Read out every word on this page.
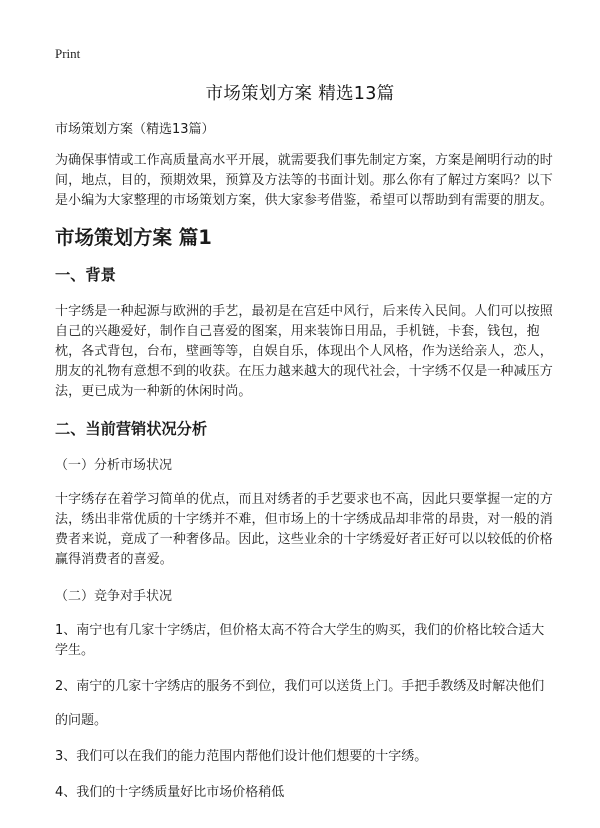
Print
市场策划方案 精选13篇

市场策划方案（精选13篇）

为确保事情或工作高质量高水平开展，就需要我们事先制定方案，方案是阐明行动的时间，地点，目的，预期效果，预算及方法等的书面计划。那么你有了解过方案吗？以下是小编为大家整理的市场策划方案，供大家参考借鉴，希望可以帮助到有需要的朋友。

市场策划方案 篇1
一、背景

十字绣是一种起源与欧洲的手艺，最初是在宫廷中风行，后来传入民间。人们可以按照自己的兴趣爱好，制作自己喜爱的图案，用来装饰日用品，手机链，卡套，钱包，抱枕，各式背包，台布，壁画等等，自娱自乐，体现出个人风格，作为送给亲人，恋人，朋友的礼物有意想不到的收获。在压力越来越大的现代社会，十字绣不仅是一种减压方法，更已成为一种新的休闲时尚。

二、当前营销状况分析

（一）分析市场状况

十字绣存在着学习简单的优点，而且对绣者的手艺要求也不高，因此只要掌握一定的方法，绣出非常优质的十字绣并不难，但市场上的十字绣成品却非常的昂贵，对一般的消费者来说，竟成了一种奢侈品。因此，这些业余的十字绣爱好者正好可以以较低的价格赢得消费者的喜爱。

（二）竞争对手状况

1、南宁也有几家十字绣店，但价格太高不符合大学生的购买，我们的价格比较合适大学生。

2、南宁的几家十字绣店的服务不到位，我们可以送货上门。手把手教绣及时解决他们

的问题。

3、我们可以在我们的能力范围内帮他们设计他们想要的十字绣。

4、我们的十字绣质量好比市场价格稍低
